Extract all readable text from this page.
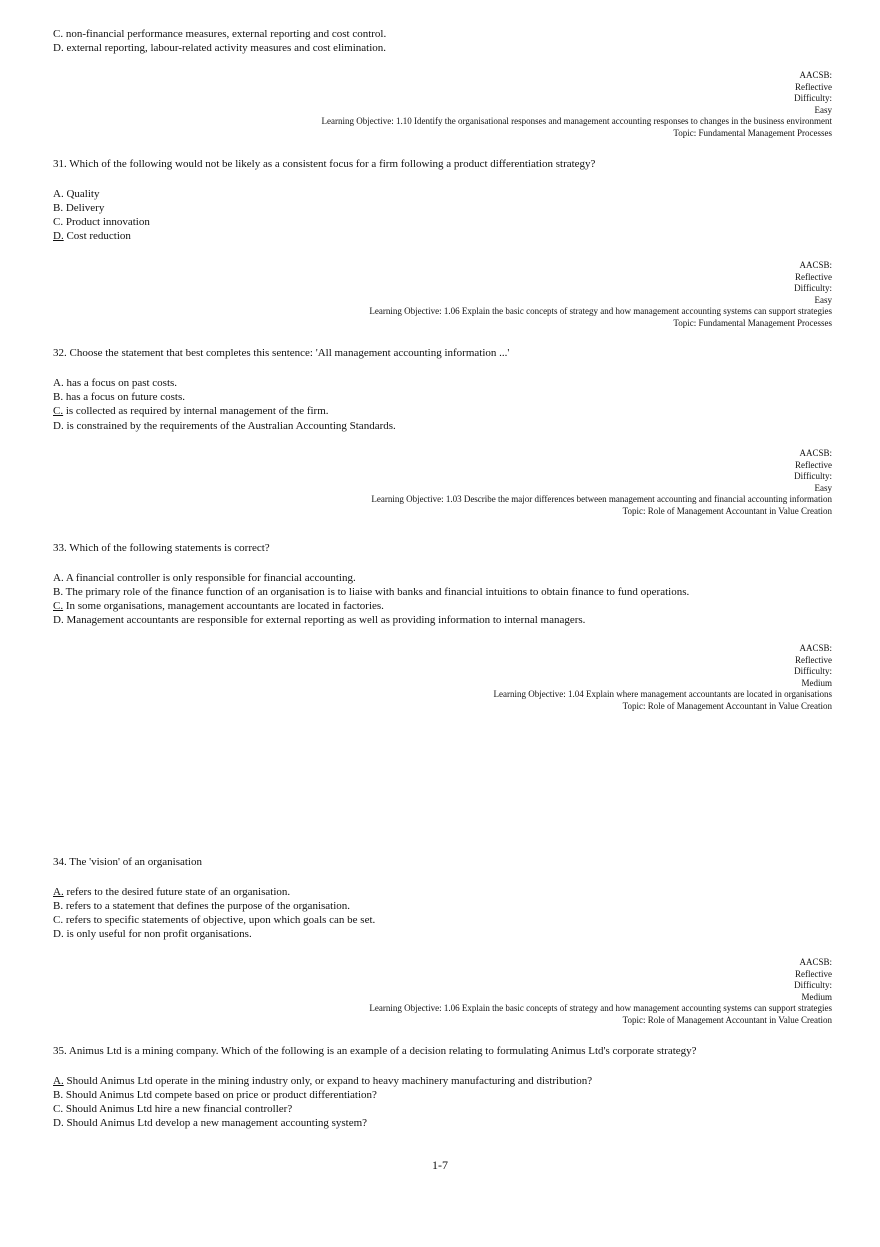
C. non-financial performance measures, external reporting and cost control.
D. external reporting, labour-related activity measures and cost elimination.
AACSB:
Reflective
Difficulty:
Easy
Learning Objective: 1.10 Identify the organisational responses and management accounting responses to changes in the business environment
Topic: Fundamental Management Processes
31. Which of the following would not be likely as a consistent focus for a firm following a product differentiation strategy?
A. Quality
B. Delivery
C. Product innovation
D. Cost reduction
AACSB:
Reflective
Difficulty:
Easy
Learning Objective: 1.06 Explain the basic concepts of strategy and how management accounting systems can support strategies
Topic: Fundamental Management Processes
32. Choose the statement that best completes this sentence: 'All management accounting information ...'
A. has a focus on past costs.
B. has a focus on future costs.
C. is collected as required by internal management of the firm.
D. is constrained by the requirements of the Australian Accounting Standards.
AACSB:
Reflective
Difficulty:
Easy
Learning Objective: 1.03 Describe the major differences between management accounting and financial accounting information
Topic: Role of Management Accountant in Value Creation
33. Which of the following statements is correct?
A. A financial controller is only responsible for financial accounting.
B. The primary role of the finance function of an organisation is to liaise with banks and financial intuitions to obtain finance to fund operations.
C. In some organisations, management accountants are located in factories.
D. Management accountants are responsible for external reporting as well as providing information to internal managers.
AACSB:
Reflective
Difficulty:
Medium
Learning Objective: 1.04 Explain where management accountants are located in organisations
Topic: Role of Management Accountant in Value Creation
34. The 'vision' of an organisation
A. refers to the desired future state of an organisation.
B. refers to a statement that defines the purpose of the organisation.
C. refers to specific statements of objective, upon which goals can be set.
D. is only useful for non profit organisations.
AACSB:
Reflective
Difficulty:
Medium
Learning Objective: 1.06 Explain the basic concepts of strategy and how management accounting systems can support strategies
Topic: Role of Management Accountant in Value Creation
35. Animus Ltd is a mining company. Which of the following is an example of a decision relating to formulating Animus Ltd's corporate strategy?
A. Should Animus Ltd operate in the mining industry only, or expand to heavy machinery manufacturing and distribution?
B. Should Animus Ltd compete based on price or product differentiation?
C. Should Animus Ltd hire a new financial controller?
D. Should Animus Ltd develop a new management accounting system?
1-7
